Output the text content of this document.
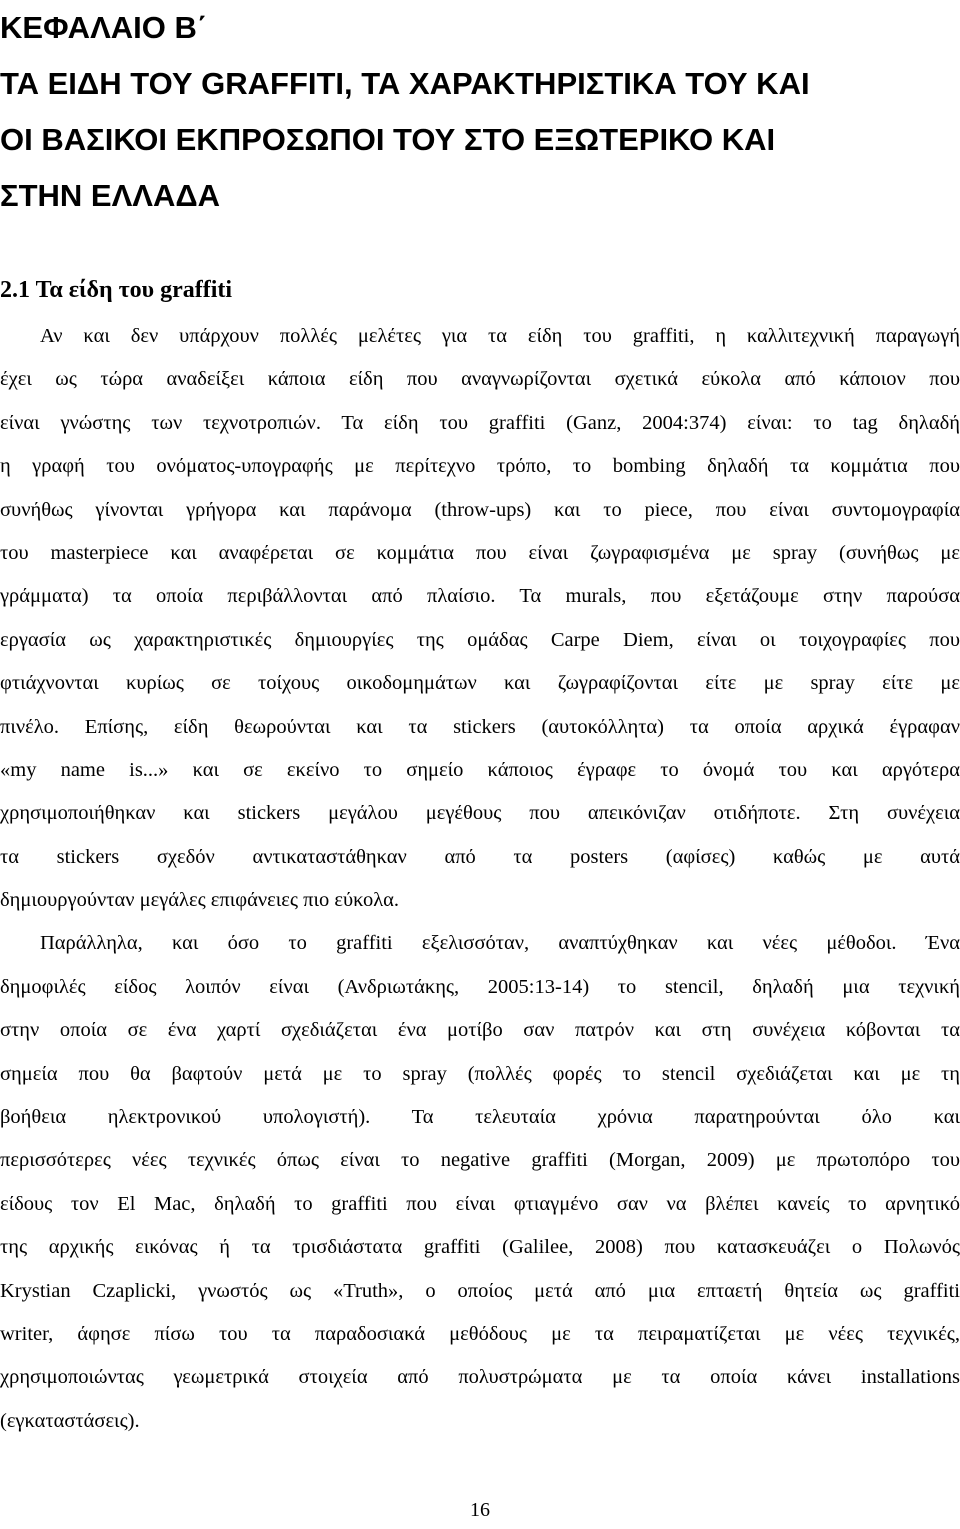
ΚΕΦΑΛΑΙΟ Β΄
ΤΑ ΕΙΔΗ ΤΟΥ GRAFFITI, ΤΑ ΧΑΡΑΚΤΗΡΙΣΤΙΚΑ ΤΟΥ ΚΑΙ
ΟΙ ΒΑΣΙΚΟΙ ΕΚΠΡΟΣΩΠΟΙ ΤΟΥ ΣΤΟ ΕΞΩΤΕΡΙΚΟ ΚΑΙ
ΣΤΗΝ ΕΛΛΑΔΑ
2.1 Τα είδη του graffiti

Αν και δεν υπάρχουν πολλές μελέτες για τα είδη του graffiti, η καλλιτεχνική παραγωγή
έχει ως τώρα αναδείξει κάποια είδη που αναγνωρίζονται σχετικά εύκολα από κάποιον που
είναι γνώστης των τεχνοτροπιών. Τα είδη του graffiti (Ganz, 2004:374) είναι: το tag δηλαδή
η γραφή του ονόματος-υπογραφής με περίτεχνο τρόπο, το bombing δηλαδή τα κομμάτια που
συνήθως γίνονται γρήγορα και παράνομα (throw-ups) και το piece, που είναι συντομογραφία
του masterpiece και αναφέρεται σε κομμάτια που είναι ζωγραφισμένα με spray (συνήθως με
γράμματα) τα οποία περιβάλλονται από πλαίσιο. Τα murals, που εξετάζουμε στην παρούσα
εργασία ως χαρακτηριστικές δημιουργίες της ομάδας Carpe Diem, είναι οι τοιχογραφίες που
φτιάχνονται κυρίως σε τοίχους οικοδομημάτων και ζωγραφίζονται είτε με spray είτε με
πινέλο. Επίσης, είδη θεωρούνται και τα stickers (αυτοκόλλητα) τα οποία αρχικά έγραφαν
«my name is...» και σε εκείνο το σημείο κάποιος έγραφε το όνομά του και αργότερα
χρησιμοποιήθηκαν και stickers μεγάλου μεγέθους που απεικόνιζαν οτιδήποτε. Στη συνέχεια
τα stickers σχεδόν αντικαταστάθηκαν από τα posters (αφίσες) καθώς με αυτά
δημιουργούνταν μεγάλες επιφάνειες πιο εύκολα.

Παράλληλα, και όσο το graffiti εξελισσόταν, αναπτύχθηκαν και νέες μέθοδοι. Ένα
δημοφιλές είδος λοιπόν είναι (Ανδριωτάκης, 2005:13-14) το stencil, δηλαδή μια τεχνική
στην οποία σε ένα χαρτί σχεδιάζεται ένα μοτίβο σαν πατρόν και στη συνέχεια κόβονται τα
σημεία που θα βαφτούν μετά με το spray (πολλές φορές το stencil σχεδιάζεται και με τη
βοήθεια ηλεκτρονικού υπολογιστή). Τα τελευταία χρόνια παρατηρούνται όλο και
περισσότερες νέες τεχνικές όπως είναι το negative graffiti (Morgan, 2009) με πρωτοπόρο του
είδους τον El Mac, δηλαδή το graffiti που είναι φτιαγμένο σαν να βλέπει κανείς το αρνητικό
της αρχικής εικόνας ή τα τρισδιάστατα graffiti (Galilee, 2008) που κατασκευάζει ο Πολωνός
Krystian Czaplicki, γνωστός ως «Truth», ο οποίος μετά από μια επταετή θητεία ως graffiti
writer, άφησε πίσω του τα παραδοσιακά μεθόδους με τα πειραματίζεται με νέες τεχνικές,
χρησιμοποιώντας γεωμετρικά στοιχεία από πολυστρώματα με τα οποία κάνει installations
(εγκαταστάσεις).

16
